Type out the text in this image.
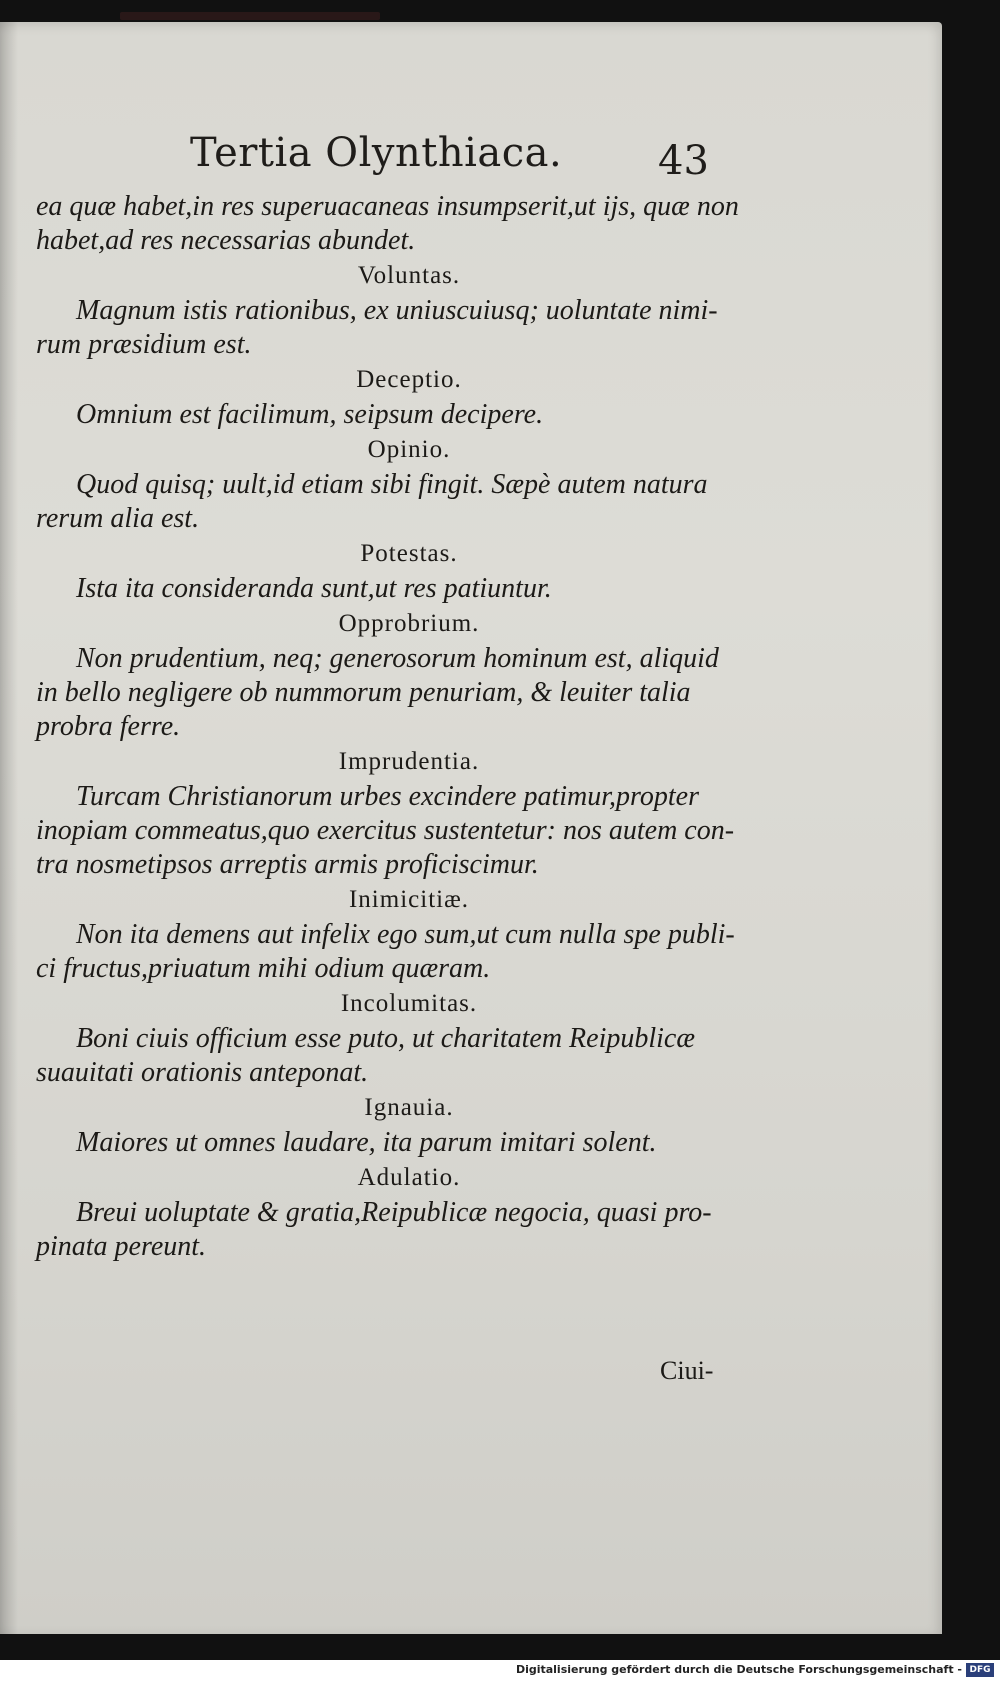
Tertia Olynthiaca. 43
ea quæ habet,in res superuacaneas insumpserit,ut ijs, quæ non
habet,ad res necessarias abundet.
Voluntas.
Magnum istis rationibus, ex uniuscuiusq; uoluntate nimi-
rum præsidium est.
Deceptio.
Omnium est facilimum, seipsum decipere.
Opinio.
Quod quisq; uult,id etiam sibi fingit. Sæpè autem natura
rerum alia est.
Potestas.
Ista ita consideranda sunt,ut res patiuntur.
Opprobrium.
Non prudentium, neq; generosorum hominum est, aliquid
in bello negligere ob nummorum penuriam, & leuiter talia
probra ferre.
Imprudentia.
Turcam Christianorum urbes excindere patimur,propter
inopiam commeatus,quo exercitus sustentetur: nos autem con-
tra nosmetipsos arreptis armis proficiscimur.
Inimicitiæ.
Non ita demens aut infelix ego sum,ut cum nulla spe publi-
ci fructus,priuatum mihi odium quæram.
Incolumitas.
Boni ciuis officium esse puto, ut charitatem Reipublicæ
suauitati orationis anteponat.
Ignauia.
Maiores ut omnes laudare, ita parum imitari solent.
Adulatio.
Breui uoluptate & gratia,Reipublicæ negocia, quasi pro-
pinata pereunt.
Ciui-
Digitalisierung gefördert durch die Deutsche Forschungsgemeinschaft - DFG
